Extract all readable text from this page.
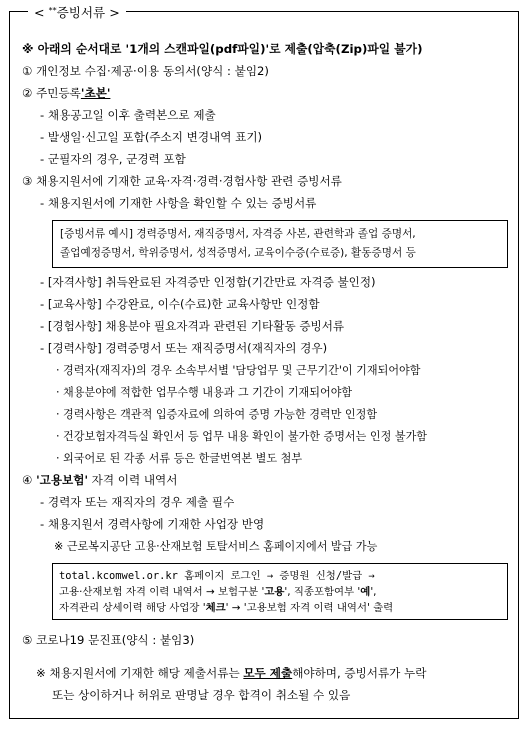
< **증빙서류 >
※ 아래의 순서대로 '1개의 스캔파일(pdf파일)'로 제출(압축(Zip)파일 불가)
① 개인정보 수집·제공·이용 동의서(양식 : 붙임2)
② 주민등록'초본'
- 채용공고일 이후 출력본으로 제출
- 발생일·신고일 포함(주소지 변경내역 표기)
- 군필자의 경우, 군경력 포함
③ 채용지원서에 기재한 교육·자격·경력·경험사항 관련 증빙서류
- 채용지원서에 기재한 사항을 확인할 수 있는 증빙서류
[증빙서류 예시] 경력증명서, 재직증명서, 자격증 사본, 관련학과 졸업 증명서,
졸업예정증명서, 학위증명서, 성적증명서, 교육이수증(수료증), 활동증명서 등
- [자격사항] 취득완료된 자격증만 인정함(기간만료 자격증 불인정)
- [교육사항] 수강완료, 이수(수료)한 교육사항만 인정함
- [경험사항] 채용분야 필요자격과 관련된 기타활동 증빙서류
- [경력사항] 경력증명서 또는 재직증명서(재직자의 경우)
· 경력자(재직자)의 경우 소속부서별 '담당업무 및 근무기간'이 기재되어야함
· 채용분야에 적합한 업무수행 내용과 그 기간이 기재되어야함
· 경력사항은 객관적 입증자료에 의하여 증명 가능한 경력만 인정함
· 건강보험자격득실 확인서 등 업무 내용 확인이 불가한 증명서는 인정 불가함
· 외국어로 된 각종 서류 등은 한글번역본 별도 첨부
④ '고용보험' 자격 이력 내역서
- 경력자 또는 재직자의 경우 제출 필수
- 채용지원서 경력사항에 기재한 사업장 반영
※ 근로복지공단 고용·산재보험 토탈서비스 홈페이지에서 발급 가능
total.kcomwel.or.kr 홈페이지 로그인 → 증명원 신청/발급 →
고용·산재보험 자격 이력 내역서 → 보험구분 '고용', 직종포함여부 '예',
자격관리 상세이력 해당 사업장 '체크' → '고용보험 자격 이력 내역서' 출력
⑤ 코로나19 문진표(양식 : 붙임3)
※ 채용지원서에 기재한 해당 제출서류는 모두 제출해야하며, 증빙서류가 누락
또는 상이하거나 허위로 판명날 경우 합격이 취소될 수 있음
